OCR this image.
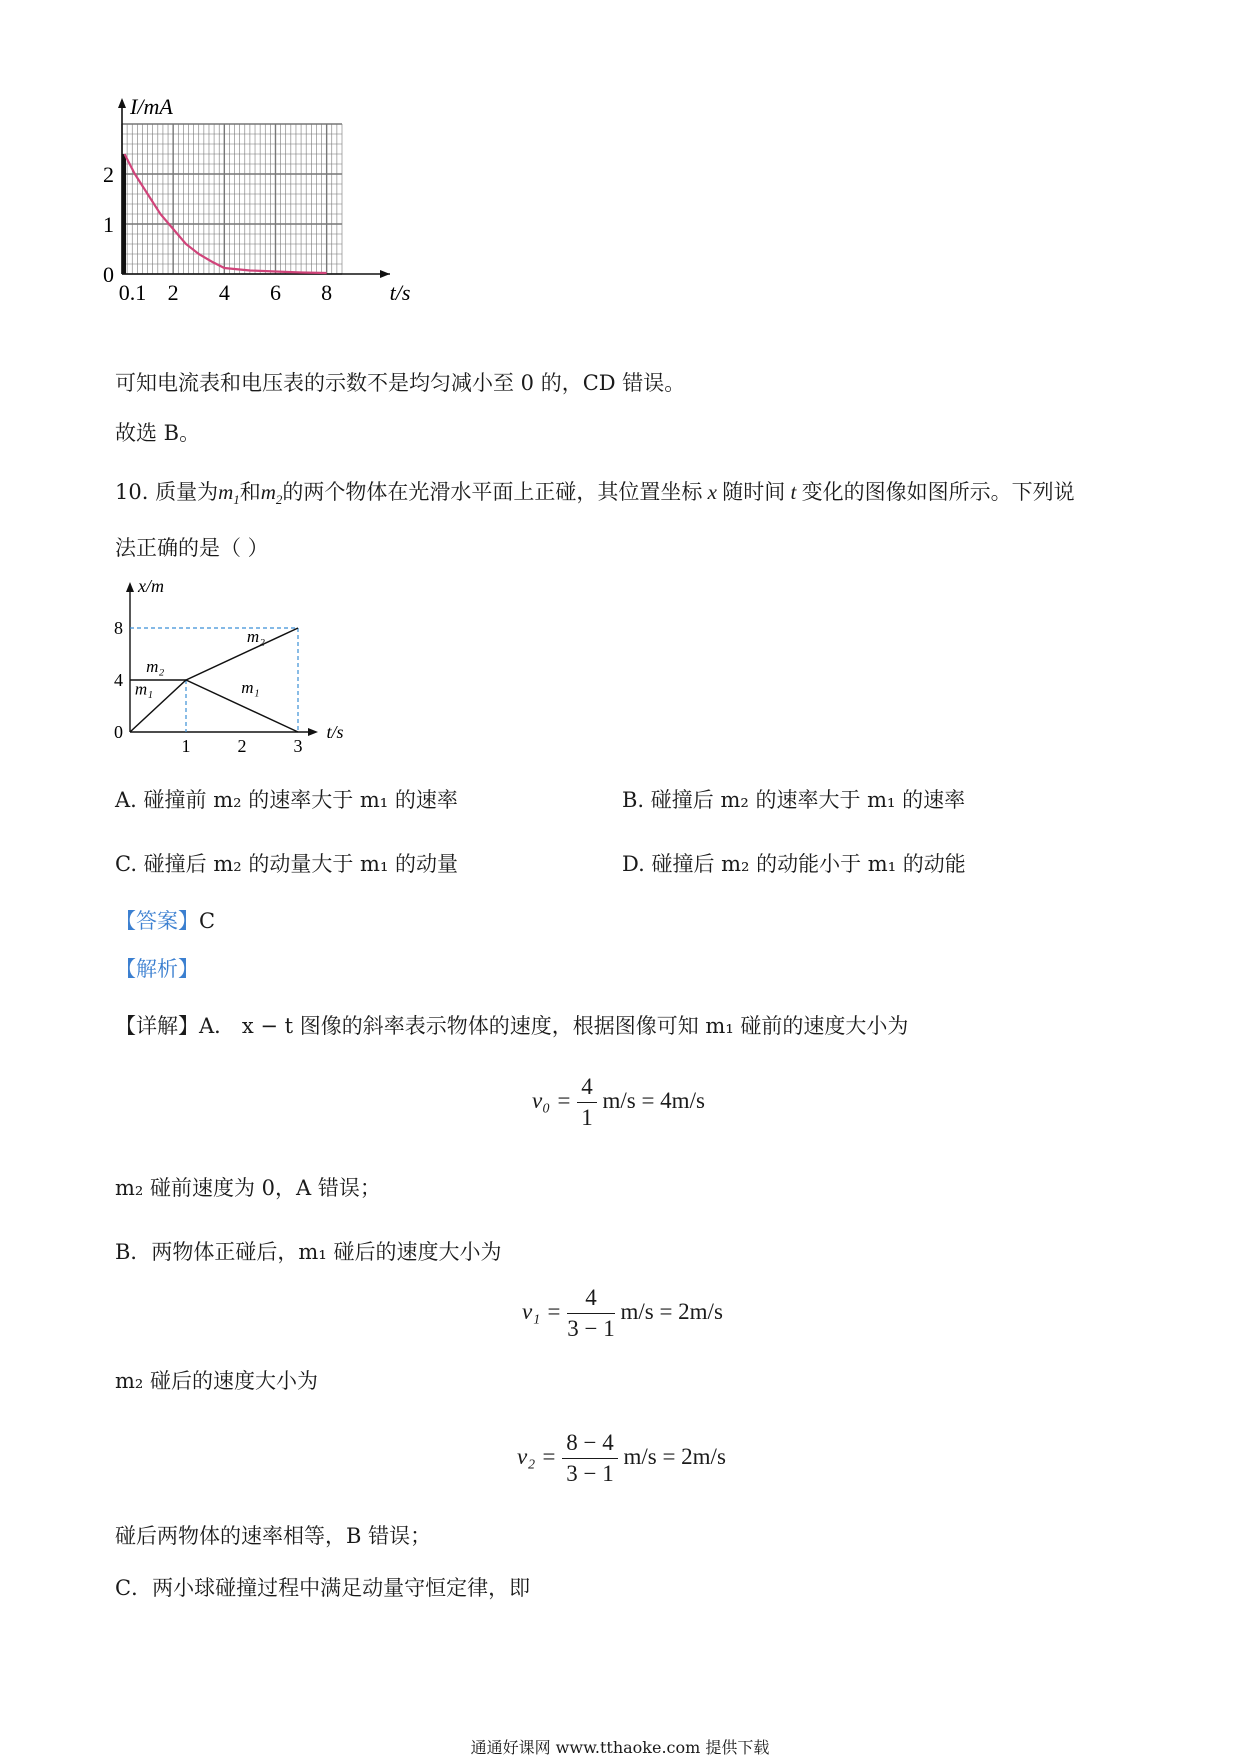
0.1 2 4 6 8
0
1
2
t/s
I/mA
可知电流表和电压表的示数不是均匀减小至 0 的，CD 错误。
故选 B。
10. 质量为$m_1$和$m_2$的两个物体在光滑水平面上正碰，其位置坐标 x 随时间 t 变化的图像如图所示。下列说
法正确的是（ ）
m₂
m₂
m₁	m₁
1	2	3
0
4
8
t/s
x/m
A. 碰撞前 m₂ 的速率大于 m₁ 的速率	B. 碰撞后 m₂ 的速率大于 m₁ 的速率
C. 碰撞后 m₂ 的动量大于 m₁ 的动量	D. 碰撞后 m₂ 的动能小于 m₁ 的动能
【答案】C
【解析】
【详解】A． x − t 图像的斜率表示物体的速度，根据图像可知 m₁ 碰前的速度大小为
$v_0 = \frac{4}{1} m/s = 4m/s$
m₂ 碰前速度为 0，A 错误；
B．两物体正碰后，m₁ 碰后的速度大小为
$v_1 = \frac{4}{3 - 1} m/s = 2m/s$
m₂ 碰后的速度大小为
$v_2 = \frac{8 - 4}{3 - 1} m/s = 2m/s$
碰后两物体的速率相等，B 错误；
C．两小球碰撞过程中满足动量守恒定律，即
通通好课网 www.tthaoke.com 提供下载
